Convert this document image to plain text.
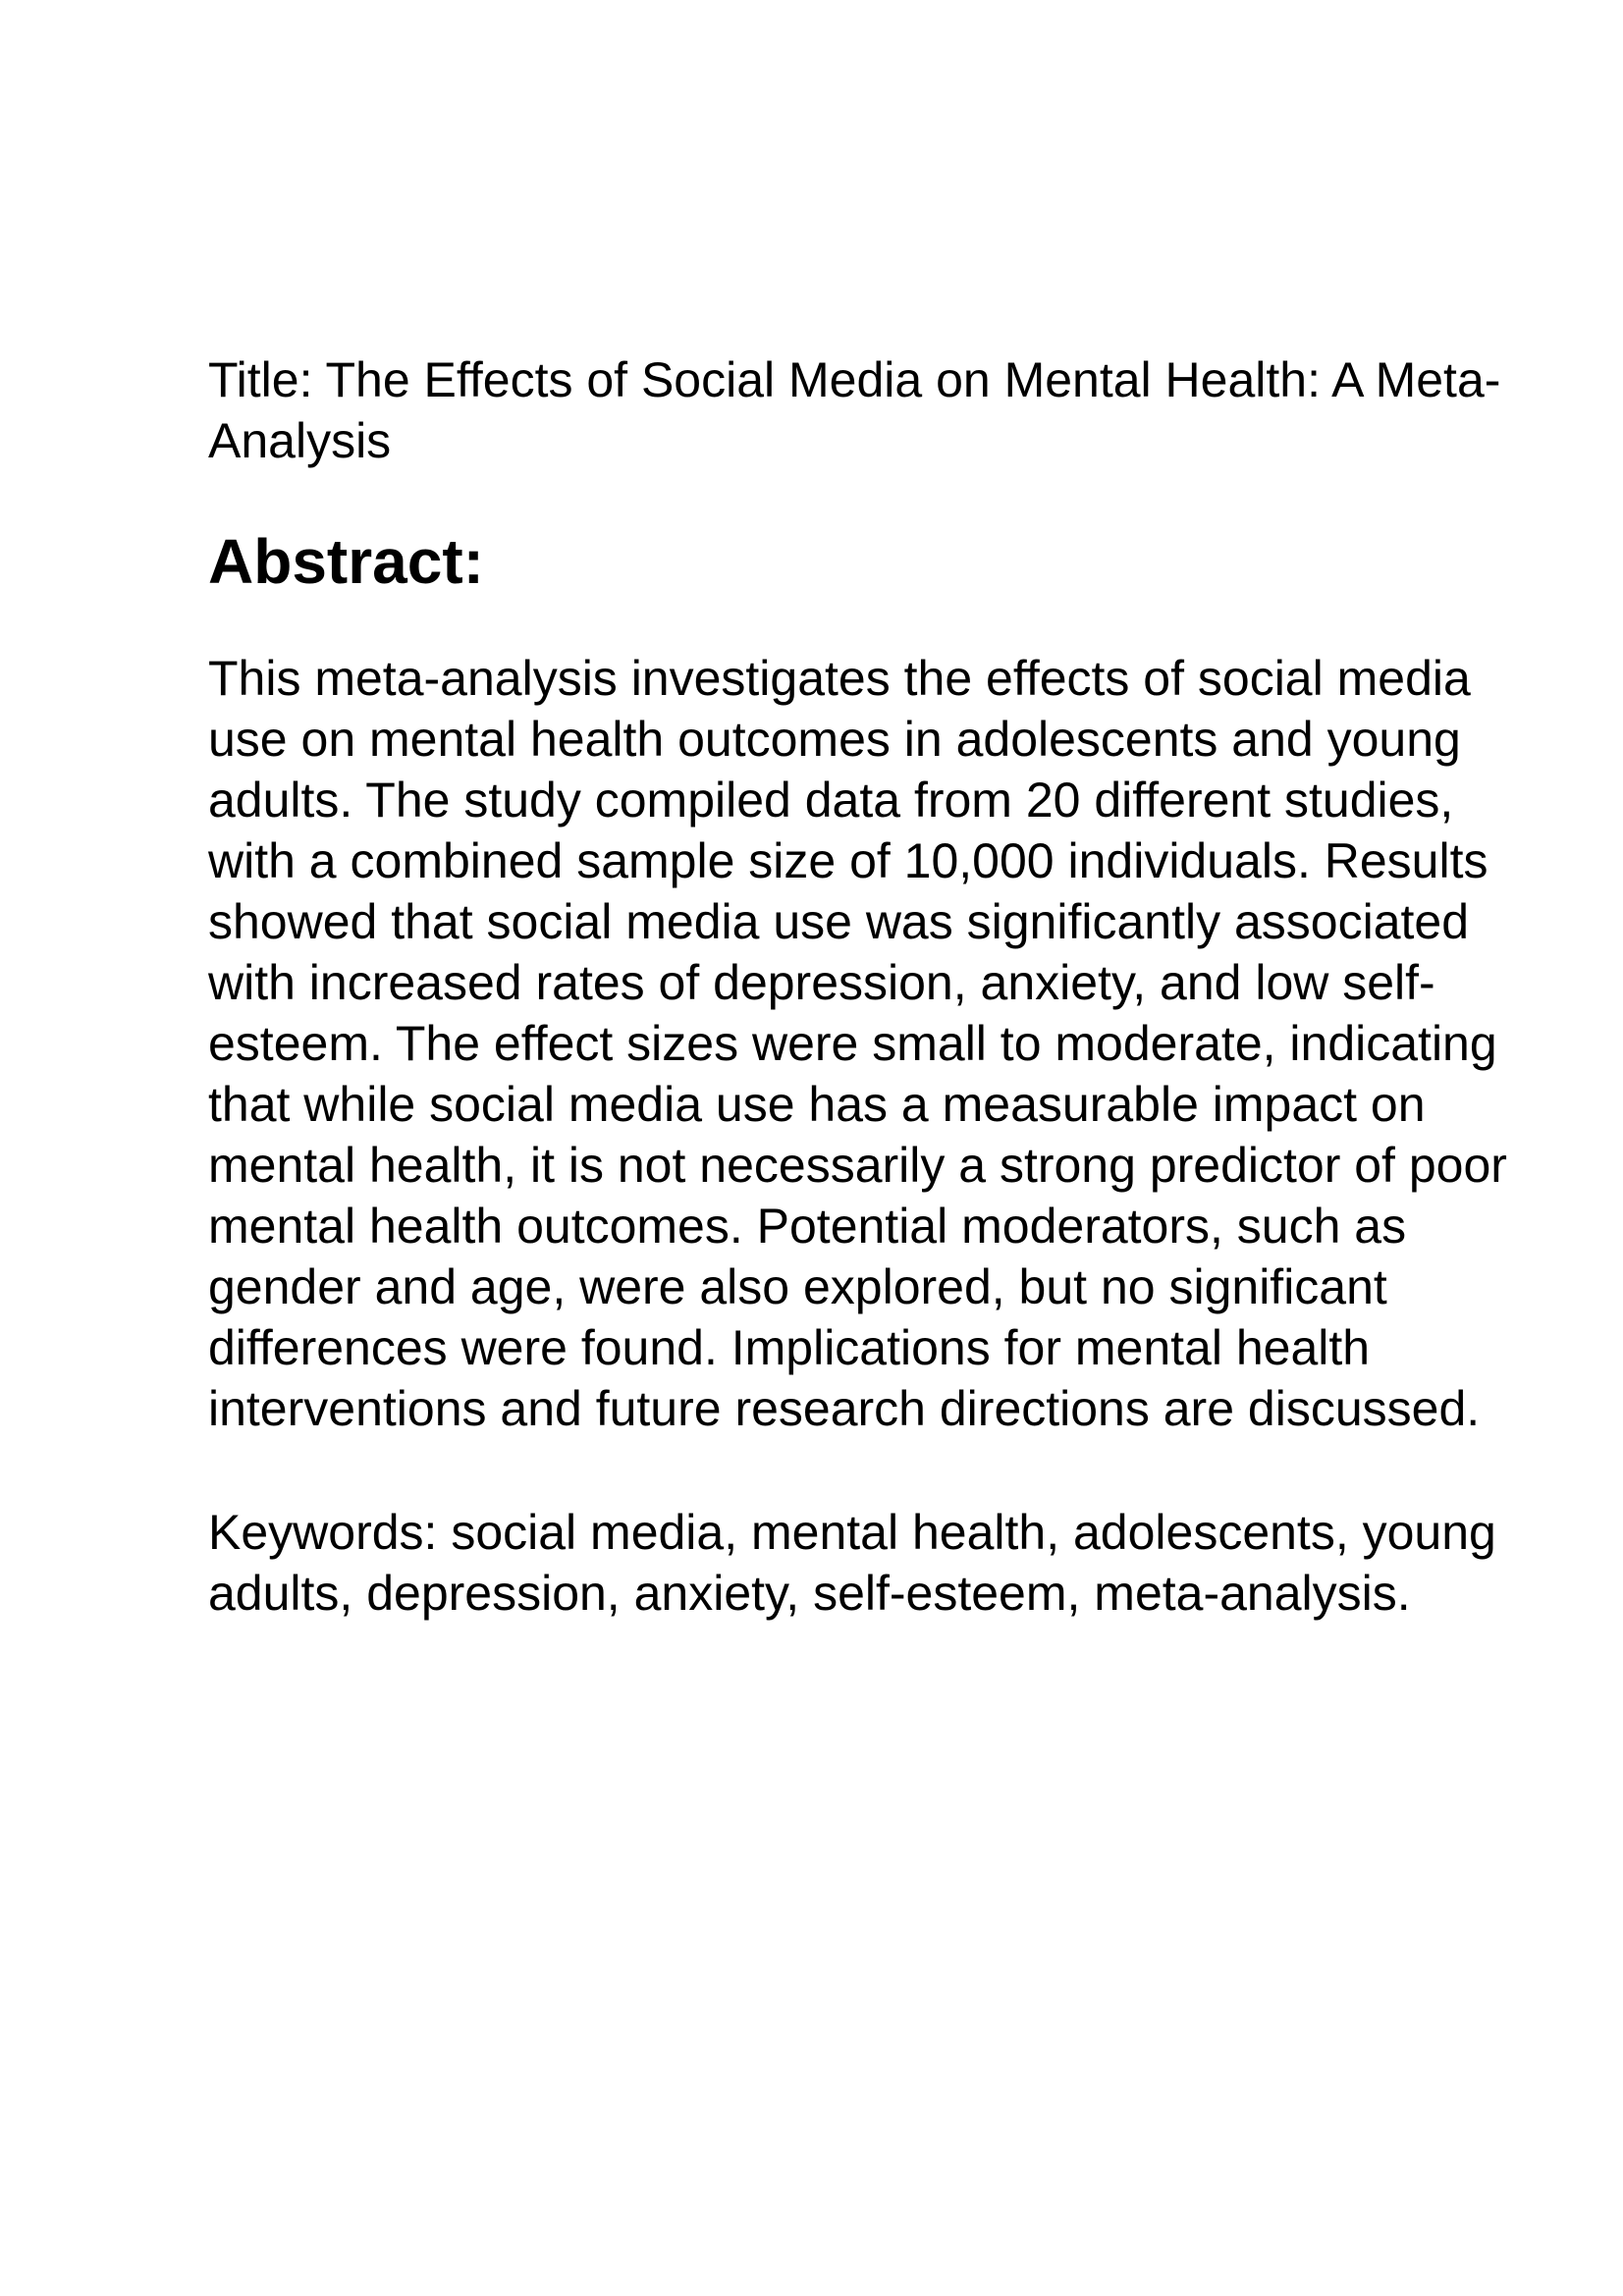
Title: The Effects of Social Media on Mental Health: A Meta-Analysis

Abstract:

This meta-analysis investigates the effects of social media use on mental health outcomes in adolescents and young adults. The study compiled data from 20 different studies, with a combined sample size of 10,000 individuals. Results showed that social media use was significantly associated with increased rates of depression, anxiety, and low self-esteem. The effect sizes were small to moderate, indicating that while social media use has a measurable impact on mental health, it is not necessarily a strong predictor of poor mental health outcomes. Potential moderators, such as gender and age, were also explored, but no significant differences were found. Implications for mental health interventions and future research directions are discussed.

Keywords: social media, mental health, adolescents, young adults, depression, anxiety, self-esteem, meta-analysis.
